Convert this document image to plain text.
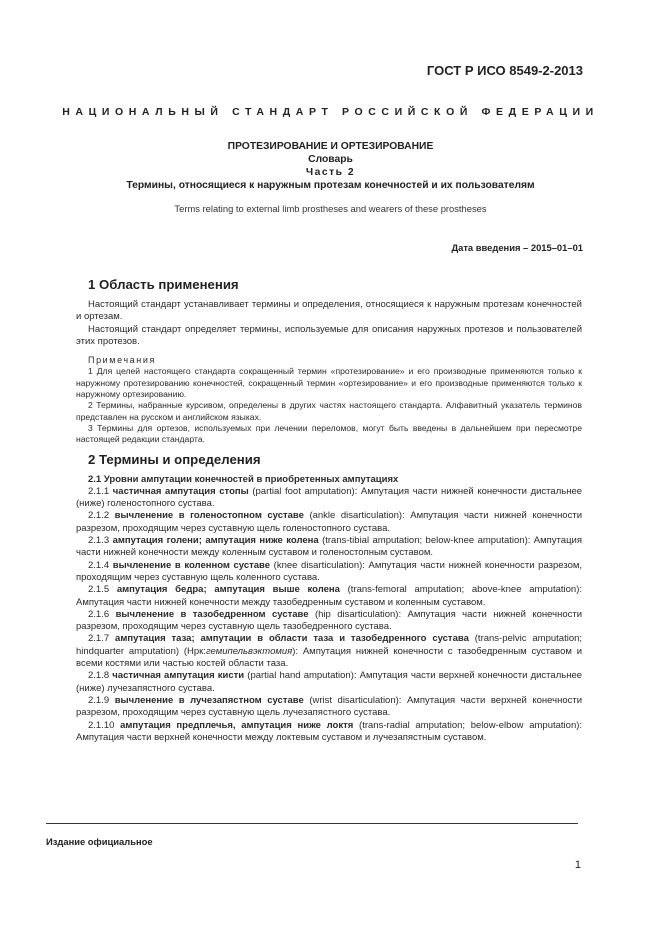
ГОСТ Р ИСО 8549-2-2013
НАЦИОНАЛЬНЫЙ СТАНДАРТ РОССИЙСКОЙ ФЕДЕРАЦИИ
ПРОТЕЗИРОВАНИЕ И ОРТЕЗИРОВАНИЕ
Словарь
Часть 2
Термины, относящиеся к наружным протезам конечностей и их пользователям
Terms relating to external limb prostheses and wearers of these prostheses
Дата введения – 2015–01–01
1 Область применения

Настоящий стандарт устанавливает термины и определения, относящиеся к наружным протезам конечностей и ортезам.

Настоящий стандарт определяет термины, используемые для описания наружных протезов и пользователей этих протезов.

Примечания

1 Для целей настоящего стандарта сокращенный термин «протезирование» и его производные применяются только к наружному протезированию конечностей, сокращенный термин «ортезирование» и его производные применяются только к наружному ортезированию.

2 Термины, набранные курсивом, определены в других частях настоящего стандарта. Алфавитный указатель терминов представлен на русском и английском языках.

3 Термины для ортезов, используемых при лечении переломов, могут быть введены в дальнейшем при пересмотре настоящей редакции стандарта.

2 Термины и определения
2.1 Уровни ампутации конечностей в приобретенных ампутациях

2.1.1 частичная ампутация стопы (partial foot amputation): Ампутация части нижней конечности дистальнее (ниже) голеностопного сустава.

2.1.2 вычленение в голеностопном суставе (ankle disarticulation): Ампутация части нижней конечности разрезом, проходящим через суставную щель голеностопного сустава.

2.1.3 ампутация голени; ампутация ниже колена (trans-tibial amputation; below-knee amputation): Ампутация части нижней конечности между коленным суставом и голеностопным суставом.

2.1.4 вычленение в коленном суставе (knee disarticulation): Ампутация части нижней конечности разрезом, проходящим через суставную щель коленного сустава.

2.1.5 ампутация бедра; ампутация выше колена (trans-femoral amputation; above-knee amputation): Ампутация части нижней конечности между тазобедренным суставом и коленным суставом.

2.1.6 вычленение в тазобедренном суставе (hip disarticulation): Ампутация части нижней конечности разрезом, проходящим через суставную щель тазобедренного сустава.

2.1.7 ампутация таза; ампутации в области таза и тазобедренного сустава (trans-pelvic amputation; hindquarter amputation) (Нрк:гемипельвэктомия): Ампутация нижней конечности с тазобедренным суставом и всеми костями или частью костей области таза.

2.1.8 частичная ампутация кисти (partial hand amputation): Ампутация части верхней конечности дистальнее (ниже) лучезапястного сустава.

2.1.9 вычленение в лучезапястном суставе (wrist disarticulation): Ампутация части верхней конечности разрезом, проходящим через суставную щель лучезапястного сустава.

2.1.10 ампутация предплечья, ампутация ниже локтя (trans-radial amputation; below-elbow amputation): Ампутация части верхней конечности между локтевым суставом и лучезапястным суставом.

Издание официальное
1
